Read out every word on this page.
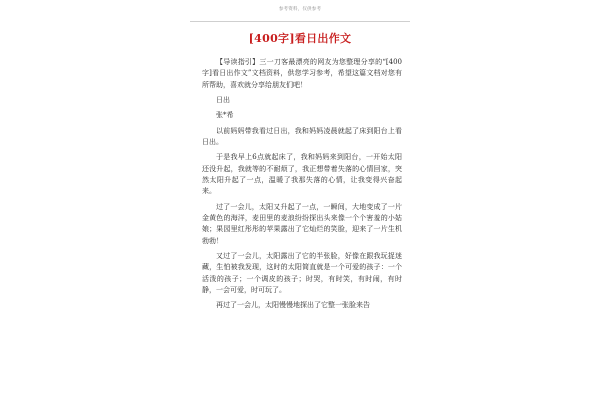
参考资料，仅供参考
[400字]看日出作文

【导读指引】三一刀客最漂亮的网友为您整理分享的“[400字]看日出作文”文档资料，供您学习参考，希望这篇文档对您有所帮助，喜欢就分享给朋友们吧！

日出

张*希

以前妈妈带我看过日出，我和妈妈凌晨就起了床到阳台上看日出。

于是我早上6点就起床了，我和妈妈来到阳台，一开始太阳还没升起，我就等的不耐烦了，我正想带着失落的心情回家，突然太阳升起了一点，温暖了我那失落的心情，让我变得兴奋起来。

过了一会儿，太阳又升起了一点，一瞬间，大地变成了一片金黄色的海洋，麦田里的麦浪纷纷探出头来像一个个害羞的小姑娘；果园里红彤彤的苹果露出了它灿烂的笑脸，迎来了一片生机勃勃！

又过了一会儿，太阳露出了它的半张脸，好像在跟我玩捉迷藏，生怕被我发现，这时的太阳简直就是一个可爱的孩子：一个活泼的孩子；一个调皮的孩子；时哭，有时笑，有时闹，有时静，一会可爱，时可玩了。

再过了一会儿，太阳慢慢地探出了它整一张脸来告
